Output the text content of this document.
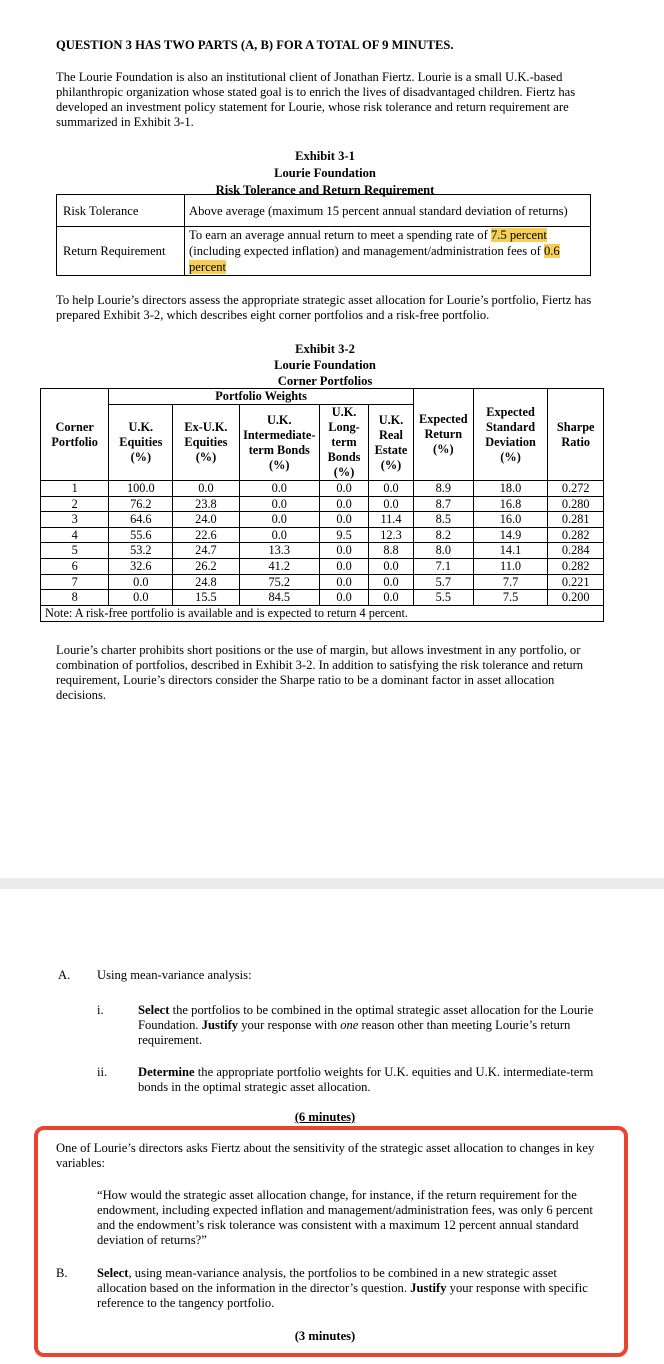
QUESTION 3 HAS TWO PARTS (A, B) FOR A TOTAL OF 9 MINUTES.
The Lourie Foundation is also an institutional client of Jonathan Fiertz. Lourie is a small U.K.-based philanthropic organization whose stated goal is to enrich the lives of disadvantaged children. Fiertz has developed an investment policy statement for Lourie, whose risk tolerance and return requirement are summarized in Exhibit 3-1.
Exhibit 3-1
Lourie Foundation
Risk Tolerance and Return Requirement
Risk Tolerance	Above average (maximum 15 percent annual standard deviation of returns)
Return Requirement	To earn an average annual return to meet a spending rate of 7.5 percent (including expected inflation) and management/administration fees of 0.6 percent
To help Lourie’s directors assess the appropriate strategic asset allocation for Lourie’s portfolio, Fiertz has prepared Exhibit 3-2, which describes eight corner portfolios and a risk-free portfolio.
Exhibit 3-2
Lourie Foundation
Corner Portfolios
Corner Portfolio	Portfolio Weights					Expected Return (%)	Expected Standard Deviation (%)	Sharpe Ratio
	U.K. Equities (%)	Ex-U.K. Equities (%)	U.K. Intermediate-term Bonds (%)	U.K. Long-term Bonds (%)	U.K. Real Estate (%)			
1	100.0	0.0	0.0	0.0	0.0	8.9	18.0	0.272
2	76.2	23.8	0.0	0.0	0.0	8.7	16.8	0.280
3	64.6	24.0	0.0	0.0	11.4	8.5	16.0	0.281
4	55.6	22.6	0.0	9.5	12.3	8.2	14.9	0.282
5	53.2	24.7	13.3	0.0	8.8	8.0	14.1	0.284
6	32.6	26.2	41.2	0.0	0.0	7.1	11.0	0.282
7	0.0	24.8	75.2	0.0	0.0	5.7	7.7	0.221
8	0.0	15.5	84.5	0.0	0.0	5.5	7.5	0.200
Note: A risk-free portfolio is available and is expected to return 4 percent.								
Lourie’s charter prohibits short positions or the use of margin, but allows investment in any portfolio, or combination of portfolios, described in Exhibit 3-2. In addition to satisfying the risk tolerance and return requirement, Lourie’s directors consider the Sharpe ratio to be a dominant factor in asset allocation decisions.
A. Using mean-variance analysis:
i.	Select the portfolios to be combined in the optimal strategic asset allocation for the Lourie Foundation. Justify your response with one reason other than meeting Lourie’s return requirement.
ii. Determine the appropriate portfolio weights for U.K. equities and U.K. intermediate-term bonds in the optimal strategic asset allocation.
(6 minutes)
One of Lourie’s directors asks Fiertz about the sensitivity of the strategic asset allocation to changes in key variables:
“How would the strategic asset allocation change, for instance, if the return requirement for the endowment, including expected inflation and management/administration fees, was only 6 percent and the endowment’s risk tolerance was consistent with a maximum 12 percent annual standard deviation of returns?”
B. Select, using mean-variance analysis, the portfolios to be combined in a new strategic asset allocation based on the information in the director’s question. Justify your response with specific reference to the tangency portfolio.
(3 minutes)
